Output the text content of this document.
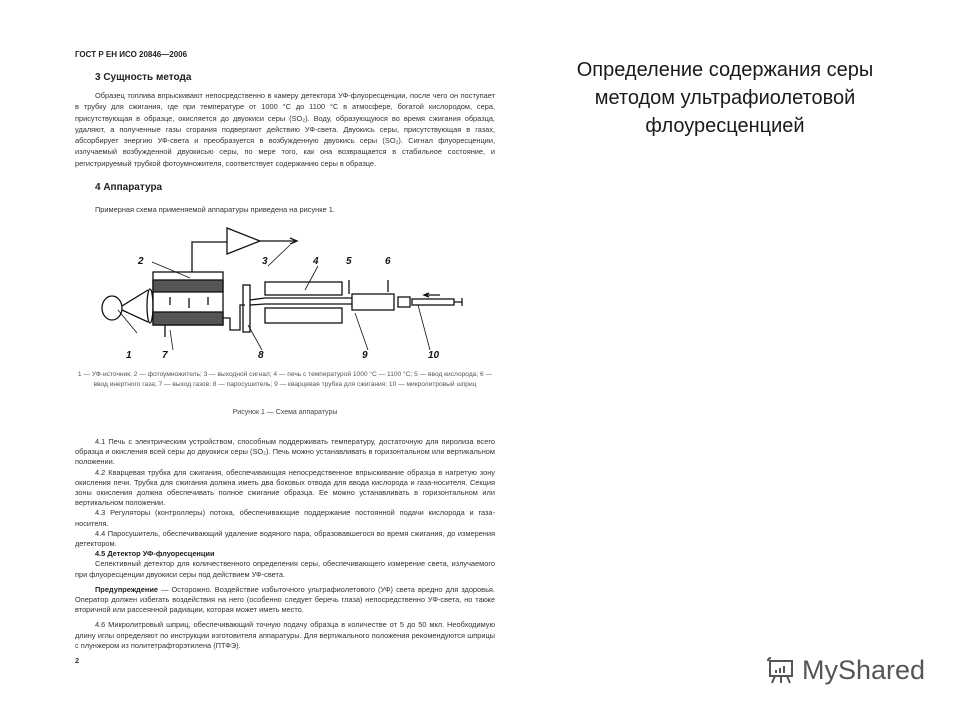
Определение содержания серы
методом ультрафиолетовой
флоуресценцией
ГОСТ Р ЕН ИСО 20846—2006
3 Сущность метода
Образец топлива впрыскивают непосредственно в камеру детектора УФ-флуоресценции, после чего он поступает в трубку для сжигания, где при температуре от 1000 °С до 1100 °С в атмосфере, богатой кислородом, сера, присутствующая в образце, окисляется до двуокиси серы (SO₂). Воду, образующуюся во время сжигания образца, удаляют, а полученные газы сгорания подвергают действию УФ-света. Двуокись серы, присутствующая в газах, абсорбирует энергию УФ-света и преобразуется в возбужденную двуокись серы (SO₂). Сигнал флуоресценции, излучаемый возбужденной двуокисью серы, по мере того, как она возвращается в стабильное состояние, и регистрируемый трубкой фотоумножителя, соответствует содержанию серы в образце.
4 Аппаратура
Примерная схема применяемой аппаратуры приведена на рисунке 1.
1 — УФ-источник; 2 — фотоумножитель; 3 — выходной сигнал; 4 — печь с температурой 1000 °С — 1100 °С; 5 — ввод кислорода; 6 — ввод инертного газа; 7 — выход газов; 8 — паросушитель; 9 — кварцевая трубка для сжигания; 10 — микролитровый шприц
Рисунок 1 — Схема аппаратуры
4.1 Печь с электрическим устройством, способным поддерживать температуру, достаточную для пиролиза всего образца и окисления всей серы до двуокиси серы (SO₂). Печь можно устанавливать в горизонтальном или вертикальном положении.
4.2 Кварцевая трубка для сжигания, обеспечивающая непосредственное впрыскивание образца в нагретую зону окисления печи. Трубка для сжигания должна иметь два боковых отвода для ввода кислорода и газа-носителя. Секция зоны окисления должна обеспечивать полное сжигание образца. Ее можно устанавливать в горизонтальном или вертикальном положении.
4.3 Регуляторы (контроллеры) потока, обеспечивающие поддержание постоянной подачи кислорода и газа-носителя.
4.4 Паросушитель, обеспечивающий удаление водяного пара, образовавшегося во время сжигания, до измерения детектором.
4.5 Детектор УФ-флуоресценции
Селективный детектор для количественного определения серы, обеспечивающего измерение света, излучаемого при флуоресценции двуокиси серы под действием УФ-света.
Предупреждение — Осторожно. Воздействие избыточного ультрафиолетового (УФ) света вредно для здоровья. Оператор должен избегать воздействия на него (особенно следует беречь глаза) непосредственно УФ-света, но также вторичной или рассеянной радиации, которая может иметь место.
4.6 Микролитровый шприц, обеспечивающий точную подачу образца в количестве от 5 до 50 мкл. Необходимую длину иглы определяют по инструкции изготовителя аппаратуры. Для вертикального положения рекомендуются шприцы с плунжером из политетрафторэтилена (ПТФЭ).
2
1
2	3	4	5	6
7	8	9	10
MyShared
